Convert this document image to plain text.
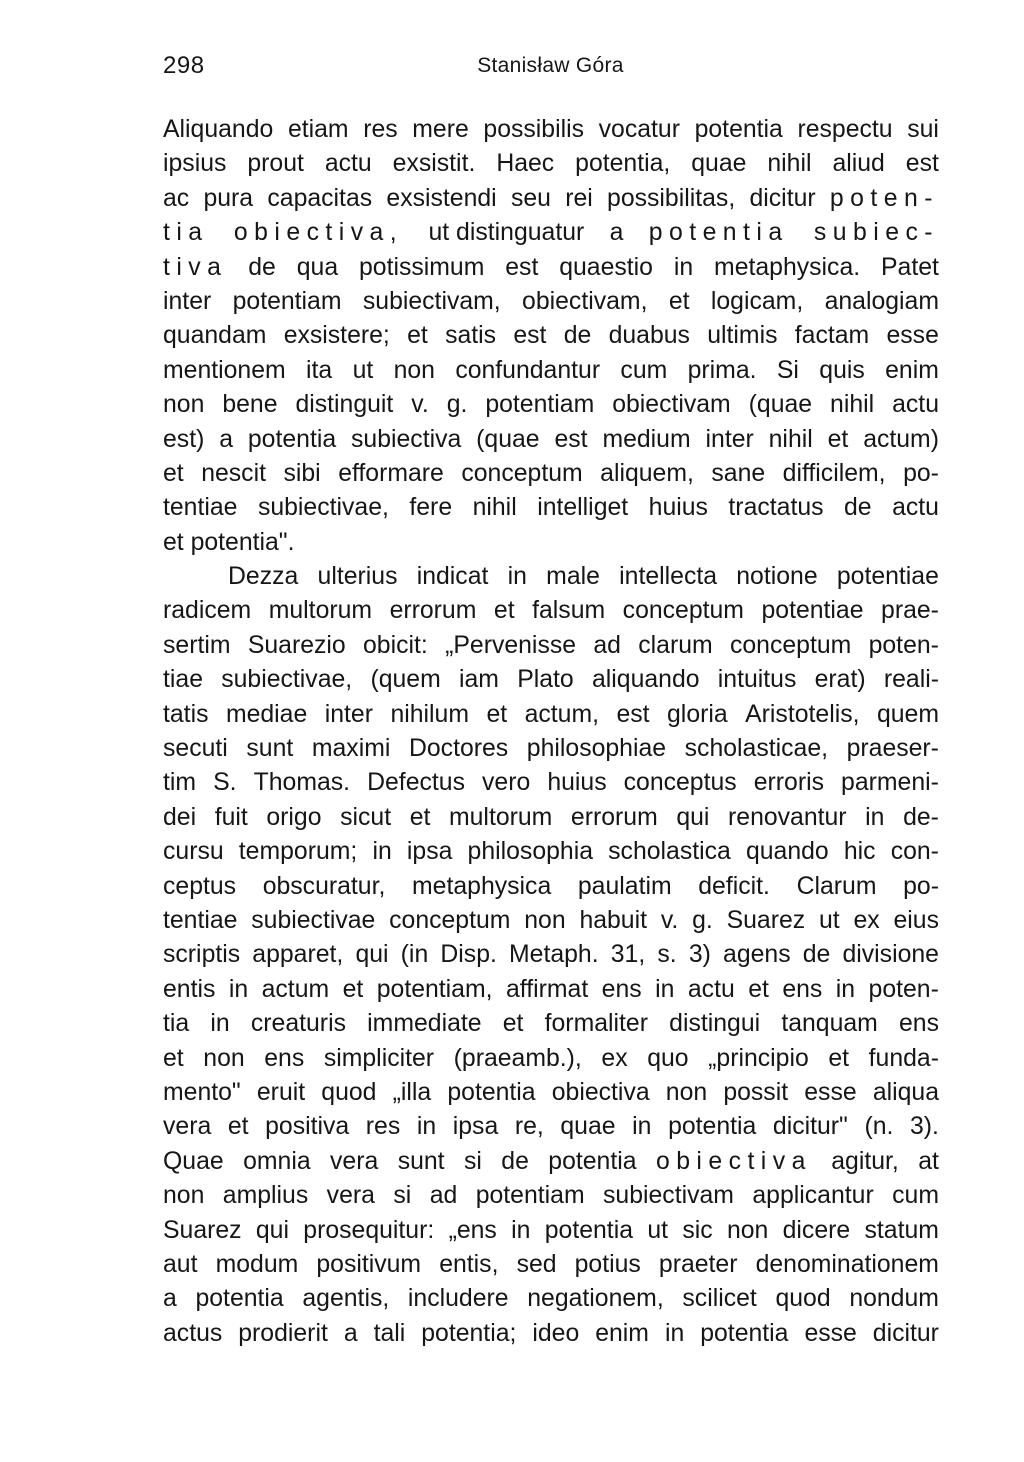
298	Stanisław Góra
Aliquando etiam res mere possibilis vocatur potentia respectu sui
ipsius prout actu exsistit. Haec potentia, quae nihil aliud est
ac pura capacitas exsistendi seu rei possibilitas, dicitur poten-
tia obiectiva, ut distinguatur a potentia subiec-
tiva de qua potissimum est quaestio in metaphysica. Patet
inter potentiam subiectivam, obiectivam, et logicam, analogiam
quandam exsistere; et satis est de duabus ultimis factam esse
mentionem ita ut non confundantur cum prima. Si quis enim
non bene distinguit v. g. potentiam obiectivam (quae nihil actu
est) a potentia subiectiva (quae est medium inter nihil et actum)
et nescit sibi efformare conceptum aliquem, sane difficilem, po-
tentiae subiectivae, fere nihil intelliget huius tractatus de actu
et potentia".
Dezza ulterius indicat in male intellecta notione potentiae
radicem multorum errorum et falsum conceptum potentiae prae-
sertim Suarezio obicit: „Pervenisse ad clarum conceptum poten-
tiae subiectivae, (quem iam Plato aliquando intuitus erat) reali-
tatis mediae inter nihilum et actum, est gloria Aristotelis, quem
secuti sunt maximi Doctores philosophiae scholasticae, praeser-
tim S. Thomas. Defectus vero huius conceptus erroris parmeni-
dei fuit origo sicut et multorum errorum qui renovantur in de-
cursu temporum; in ipsa philosophia scholastica quando hic con-
ceptus obscuratur, metaphysica paulatim deficit. Clarum po-
tentiae subiectivae conceptum non habuit v. g. Suarez ut ex eius
scriptis apparet, qui (in Disp. Metaph. 31, s. 3) agens de divisione
entis in actum et potentiam, affirmat ens in actu et ens in poten-
tia in creaturis immediate et formaliter distingui tanquam ens
et non ens simpliciter (praeamb.), ex quo „principio et funda-
mento" eruit quod „illa potentia obiectiva non possit esse aliqua
vera et positiva res in ipsa re, quae in potentia dicitur" (n. 3).
Quae omnia vera sunt si de potentia obiectiva agitur, at
non amplius vera si ad potentiam subiectivam applicantur cum
Suarez qui prosequitur: „ens in potentia ut sic non dicere statum
aut modum positivum entis, sed potius praeter denominationem
a potentia agentis, includere negationem, scilicet quod nondum
actus prodierit a tali potentia; ideo enim in potentia esse dicitur
